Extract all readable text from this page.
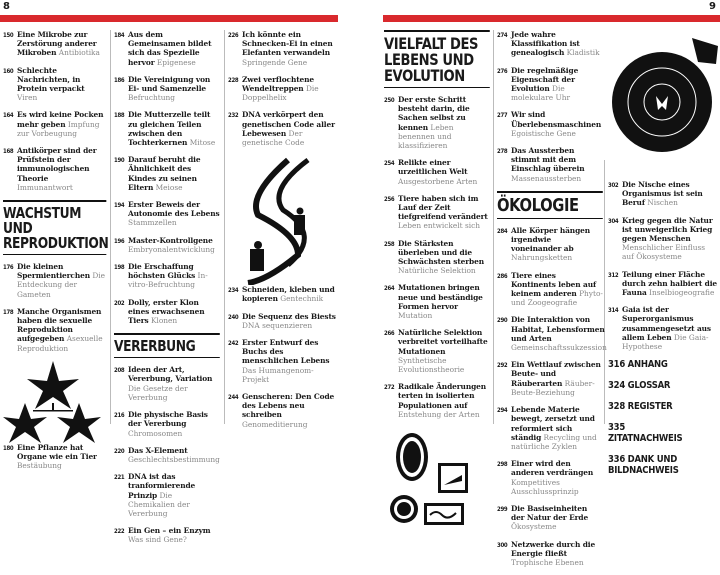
8	9
150 Eine Mikrobe zur Zerstörung anderer Mikroben Antibiotika
160 Schlechte Nachrichten, in Protein verpackt Viren
164 Es wird keine Pocken mehr geben Impfung zur Vorbeugung
168 Antikörper sind der Prüfstein der immunologischen Theorie Immunantwort
WACHSTUM UND REPRODUKTION
176 Die kleinen Spermientierchen Die Entdeckung der Gameten
178 Manche Organismen haben die sexuelle Reproduktion aufgegeben Asexuelle Reproduktion
180 Eine Pflanze hat Organe wie ein Tier Bestäubung
184 Aus dem Gemeinsamen bildet sich das Spezielle hervor Epigenese
186 Die Vereinigung von Ei- und Samenzelle Befruchtung
188 Die Mutterzelle teilt zu gleichen Teilen zwischen den Tochterkernen Mitose
190 Darauf beruht die Ähnlichkeit des Kindes zu seinen Eltern Meiose
194 Erster Beweis der Autonomie des Lebens Stammzellen
196 Master-Kontrollgene Embryonalentwicklung
198 Die Erschaffung höchsten Glücks In-vitro-Befruchtung
202 Dolly, erster Klon eines erwachsenen Tiers Klonen
VERERBUNG
208 Ideen der Art, Vererbung, Variation Die Gesetze der Vererbung
216 Die physische Basis der Vererbung Chromosomen
220 Das X-Element Geschlechtsbestimmung
221 DNA ist das tranformierende Prinzip Die Chemikalien der Vererbung
222 Ein Gen – ein Enzym Was sind Gene?
226 Ich könnte ein Schnecken-Ei in einen Elefanten verwandeln Springende Gene
228 Zwei verflochtene Wendeltreppen Die Doppelhelix
232 DNA verkörpert den genetischen Code aller Lebewesen Der genetische Code
234 Schneiden, kleben und kopieren Gentechnik
240 Die Sequenz des Biests DNA sequenzieren
242 Erster Entwurf des Buchs des menschlichen Lebens Das Humangenom-Projekt
244 Genscheren: Den Code des Lebens neu schreiben Genomeditierung
VIELFALT DES LEBENS UND EVOLUTION
250 Der erste Schritt besteht darin, die Sachen selbst zu kennen Leben benennen und klassifizieren
254 Relikte einer urzeitlichen Welt Ausgestorbene Arten
256 Tiere haben sich im Lauf der Zeit tiefgreifend verändert Leben entwickelt sich
258 Die Stärksten überleben und die Schwächsten sterben Natürliche Selektion
264 Mutationen bringen neue und beständige Formen hervor Mutation
266 Natürliche Selektion verbreitet vorteilhafte Mutationen Synthetische Evolutionstheorie
272 Radikale Änderungen terten in isolierten Populationen auf Entstehung der Arten
274 Jede wahre Klassifikation ist genealogisch Kladistik
276 Die regelmäßige Eigenschaft der Evolution Die molekulare Uhr
277 Wir sind Überlebensmaschinen Egoistische Gene
278 Das Aussterben stimmt mit dem Einschlag überein Massenaussterben
ÖKOLOGIE
284 Alle Körper hängen irgendwie voneinander ab Nahrungsketten
286 Tiere eines Kontinents leben auf keinem anderen Phyto- und Zoogeografie
290 Die Interaktion von Habitat, Lebensformen und Arten Gemeinschaftssukzession
292 Ein Wettlauf zwischen Beute- und Räuberarten Räuber-Beute-Beziehung
294 Lebende Materie bewegt, zersetzt und reformiert sich ständig Recycling und natürliche Zyklen
298 Einer wird den anderen verdrängen Kompetitives Ausschlussprinzip
299 Die Basiseinheiten der Natur der Erde Ökosysteme
300 Netzwerke durch die Energie fließt Trophische Ebenen
302 Die Nische eines Organismus ist sein Beruf Nischen
304 Krieg gegen die Natur ist unweigerlich Krieg gegen Menschen Menschlicher Einfluss auf Ökosysteme
312 Teilung einer Fläche durch zehn halbiert die Fauna Inselbiogeografie
314 Gaia ist der Superorganismus zusammengesetzt aus allem Leben Die Gaia-Hypothese
316 ANHANG
324 GLOSSAR
328 REGISTER
335 ZITATNACHWEIS
336 DANK UND BILDNACHWEIS
